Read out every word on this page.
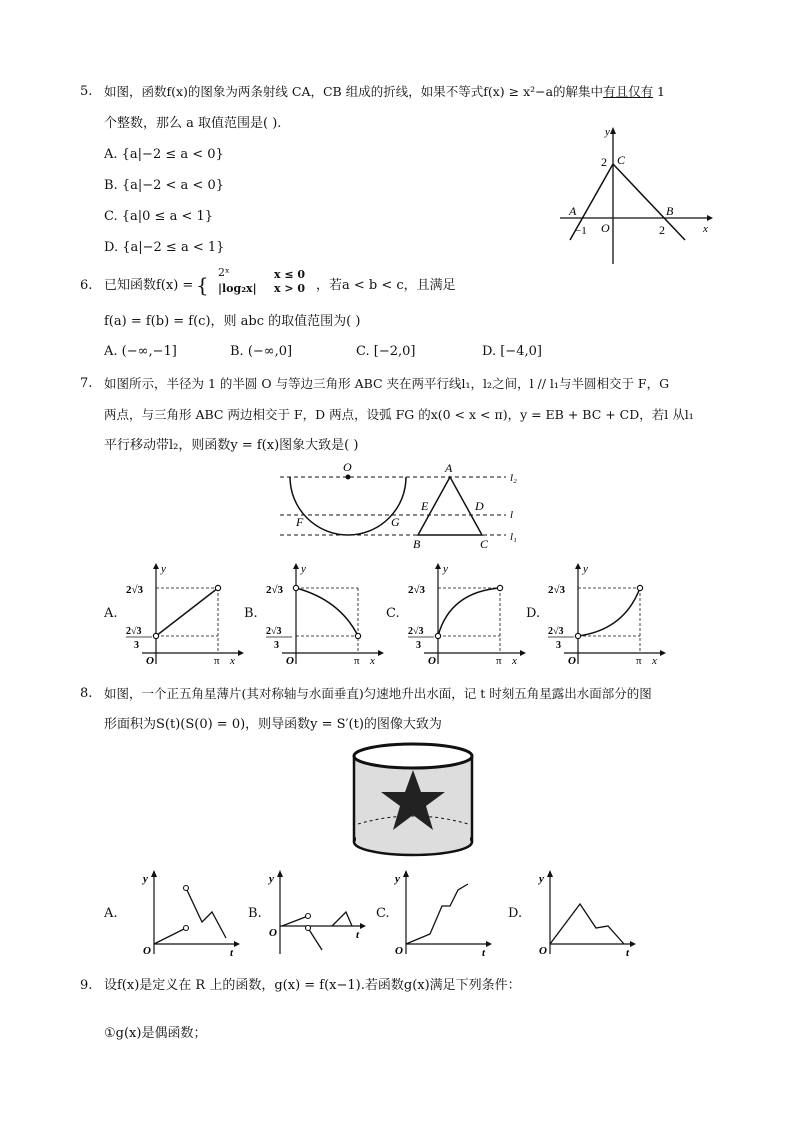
5. 如图，函数f(x)的图象为两条射线 CA，CB 组成的折线，如果不等式f(x) ≥ x²−a的解集中有且仅有 1
个整数，那么 a 取值范围是( ).
A. {a|−2 ≤ a < 0}
B. {a|−2 < a < 0}
C. {a|0 ≤ a < 1}
D. {a|−2 ≤ a < 1}
y
C
2
A
O
B
−1	2	x
6. 已知函数f(x) = {
2ˣ	x ≤ 0
|log₂x| x > 0 ，若a < b < c，且满足
f(a) = f(b) = f(c)，则 abc 的取值范围为( )
A. (−∞,−1]	B. (−∞,0]	C. [−2,0]	D. [−4,0]
7. 如图所示，半径为 1 的半圆 O 与等边三角形 ABC 夹在两平行线l₁，l₂之间，l // l₁与半圆相交于 F，G
两点，与三角形 ABC 两边相交于 F，D 两点，设弧 FG 的x(0 < x < π)，y = EB + BC + CD，若l 从l₁
平行移动带l₂，则函数y = f(x)图象大致是( )
O	A
E	D
F	G
B	C
l₂
l
l₁
A.	B.	C.	D.
y
2√3
2√3
3
O	π x
y
2√3
2√3
3
O	π x
y
2√3
2√3
3
O	π x
y
2√3
2√3
3
O	π x
8. 如图，一个正五角星薄片(其对称轴与水面垂直)匀速地升出水面，记 t 时刻五角星露出水面部分的图
形面积为S(t)(S(0) = 0)，则导函数y = S′(t)的图像大致为
A.	B.	C.	D.
y
O	t
y
O	t
y
O	t
y
O	t
9. 设f(x)是定义在 R 上的函数，g(x) = f(x−1).若函数g(x)满足下列条件：
①g(x)是偶函数；
